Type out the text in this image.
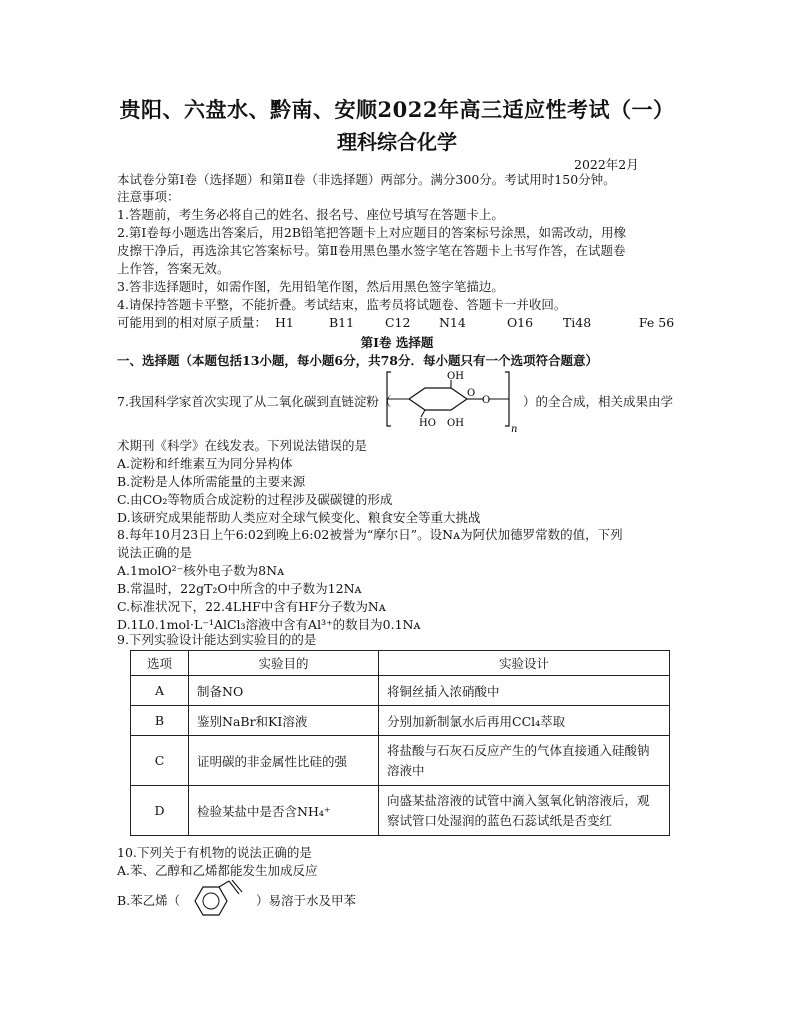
贵阳、六盘水、黔南、安顺2022年高三适应性考试（一）
理科综合化学
2022年2月
本试卷分第Ⅰ卷（选择题）和第Ⅱ卷（非选择题）两部分。满分300分。考试用时150分钟。
注意事项：
1.答题前，考生务必将自己的姓名、报名号、座位号填写在答题卡上。
2.第Ⅰ卷每小题选出答案后，用2B铅笔把答题卡上对应题目的答案标号涂黑，如需改动，用橡
皮擦干净后，再选涂其它答案标号。第Ⅱ卷用黑色墨水签字笔在答题卡上书写作答，在试题卷
上作答，答案无效。
3.答非选择题时，如需作图，先用铅笔作图，然后用黑色签字笔描边。
4.请保持答题卡平整，不能折叠。考试结束，监考员将试题卷、答题卡一并收回。
可能用到的相对原子质量： H1	B11 C12 N14	O16 Ti48	Fe 56
第Ⅰ卷 选择题
一、选择题（本题包括13小题，每小题6分，共78分．每小题只有一个选项符合题意）
7.我国科学家首次实现了从二氧化碳到直链淀粉（
OH
HO OH
O
O
n
）的全合成，相关成果由学
术期刊《科学》在线发表。下列说法错误的是
A.淀粉和纤维素互为同分异构体
B.淀粉是人体所需能量的主要来源
C.由CO₂等物质合成淀粉的过程涉及碳碳键的形成
D.该研究成果能帮助人类应对全球气候变化、粮食安全等重大挑战
8.每年10月23日上午6:02到晚上6:02被誉为“摩尔日”。设Nᴀ为阿伏加德罗常数的值，下列
说法正确的是
A.1molO²⁻核外电子数为8Nᴀ
B.常温时，22gT₂O中所含的中子数为12Nᴀ
C.标准状况下，22.4LHF中含有HF分子数为Nᴀ
D.1L0.1mol·L⁻¹AlCl₃溶液中含有Al³⁺的数目为0.1Nᴀ
9.下列实验设计能达到实验目的的是
选项	实验目的	实验设计
A	制备NO	将铜丝插入浓硝酸中
B	鉴别NaBr和KI溶液	分别加新制氯水后再用CCl₄萃取
C	证明碳的非金属性比硅的强	将盐酸与石灰石反应产生的气体直接通入硅酸钠溶液中
D	检验某盐中是否含NH₄⁺	向盛某盐溶液的试管中滴入氢氧化钠溶液后，观察试管口处湿润的蓝色石蕊试纸是否变红
10.下列关于有机物的说法正确的是
A.苯、乙醇和乙烯都能发生加成反应
B.苯乙烯（	）易溶于水及甲苯
